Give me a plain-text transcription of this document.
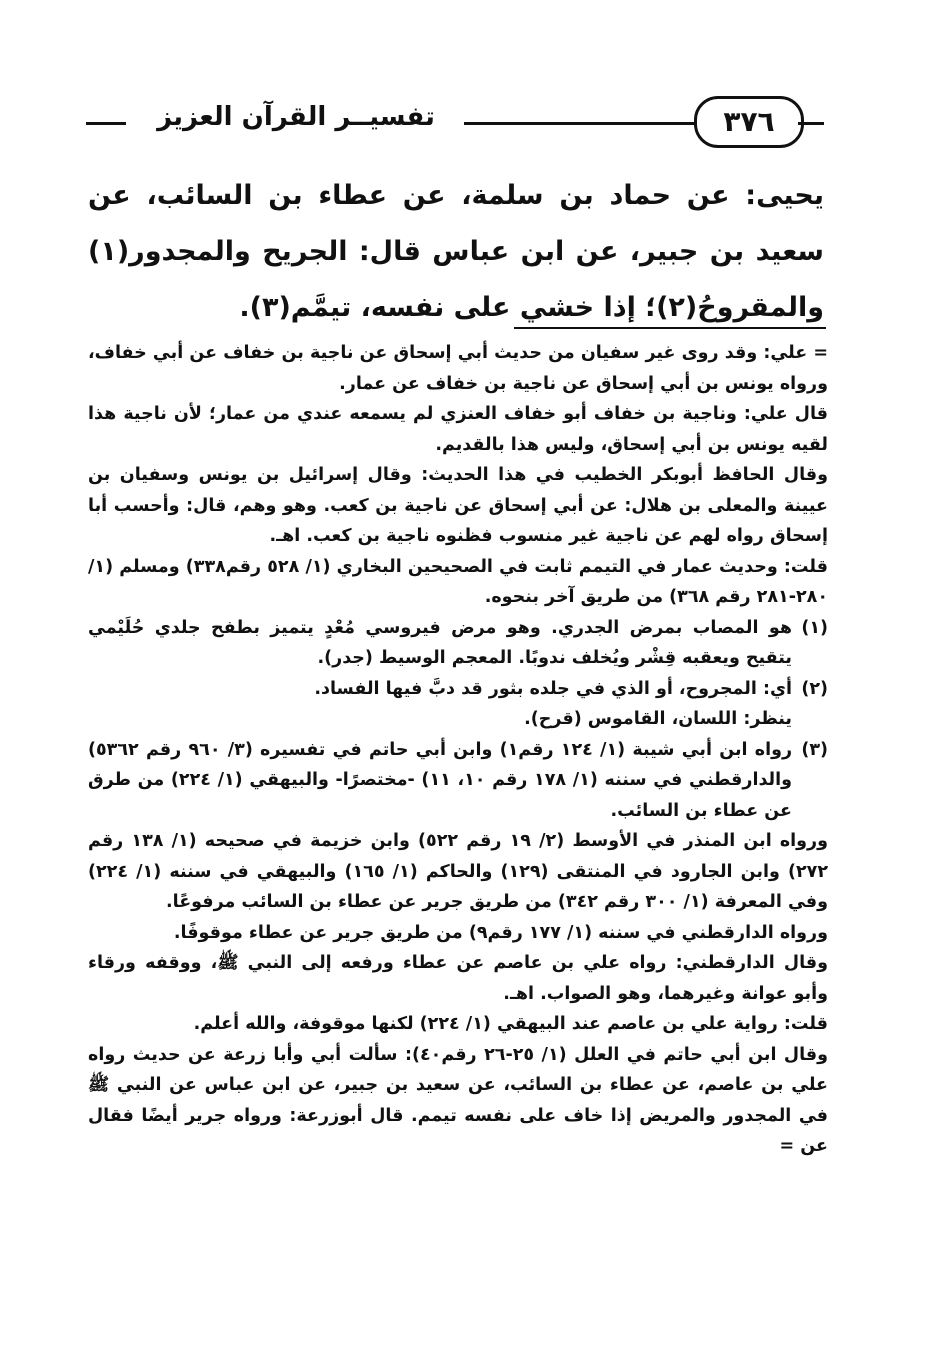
تفسيــر القرآن العزيز	٣٧٦
يحيى: عن حماد بن سلمة، عن عطاء بن السائب، عن سعيد بن جبير، عن ابن عباس قال: الجريح والمجدور(١) والمقروحُ(٢)؛ إذا خشي على نفسه، تيمَّم(٣).

= علي: وقد روى غير سفيان من حديث أبي إسحاق عن ناجية بن خفاف عن أبي خفاف، ورواه يونس بن أبي إسحاق عن ناجية بن خفاف عن عمار.

قال علي: وناجية بن خفاف أبو خفاف العنزي لم يسمعه عندي من عمار؛ لأن ناجية هذا لقيه يونس بن أبي إسحاق، وليس هذا بالقديم.

وقال الحافظ أبوبكر الخطيب في هذا الحديث: وقال إسرائيل بن يونس وسفيان بن عيينة والمعلى بن هلال: عن أبي إسحاق عن ناجية بن كعب. وهو وهم، قال: وأحسب أبا إسحاق رواه لهم عن ناجية غير منسوب فظنوه ناجية بن كعب. اهـ.

قلت: وحديث عمار في التيمم ثابت في الصحيحين البخاري (١/ ٥٢٨ رقم٣٣٨) ومسلم (١/ ٢٨٠-٢٨١ رقم ٣٦٨) من طريق آخر بنحوه.

(١)

هو المصاب بمرض الجدري. وهو مرض فيروسي مُعْدٍ يتميز بطفح جلدي حُلَيْمي يتقيح ويعقبه قِشْر ويُخلف ندوبًا. المعجم الوسيط (جدر).

(٢)

أي: المجروح، أو الذي في جلده بثور قد دبَّ فيها الفساد.

ينظر: اللسان، القاموس (قرح).

(٣)

رواه ابن أبي شيبة (١/ ١٢٤ رقم١) وابن أبي حاتم في تفسيره (٣/ ٩٦٠ رقم ٥٣٦٢) والدارقطني في سننه (١/ ١٧٨ رقم ١٠، ١١) -مختصرًا- والبيهقي (١/ ٢٢٤) من طرق عن عطاء بن السائب.

ورواه ابن المنذر في الأوسط (٢/ ١٩ رقم ٥٢٢) وابن خزيمة في صحيحه (١/ ١٣٨ رقم ٢٧٢) وابن الجارود في المنتقى (١٢٩) والحاكم (١/ ١٦٥) والبيهقي في سننه (١/ ٢٢٤) وفي المعرفة (١/ ٣٠٠ رقم ٣٤٢) من طريق جرير عن عطاء بن السائب مرفوعًا.

ورواه الدارقطني في سننه (١/ ١٧٧ رقم٩) من طريق جرير عن عطاء موقوفًا.

وقال الدارقطني: رواه علي بن عاصم عن عطاء ورفعه إلى النبي ﷺ، ووقفه ورقاء وأبو عوانة وغيرهما، وهو الصواب. اهـ.

قلت: رواية علي بن عاصم عند البيهقي (١/ ٢٢٤) لكنها موقوفة، والله أعلم.

وقال ابن أبي حاتم في العلل (١/ ٢٥-٢٦ رقم٤٠): سألت أبي وأبا زرعة عن حديث رواه علي بن عاصم، عن عطاء بن السائب، عن سعيد بن جبير، عن ابن عباس عن النبي ﷺ في المجدور والمريض إذا خاف على نفسه تيمم. قال أبوزرعة: ورواه جرير أيضًا فقال عن =
